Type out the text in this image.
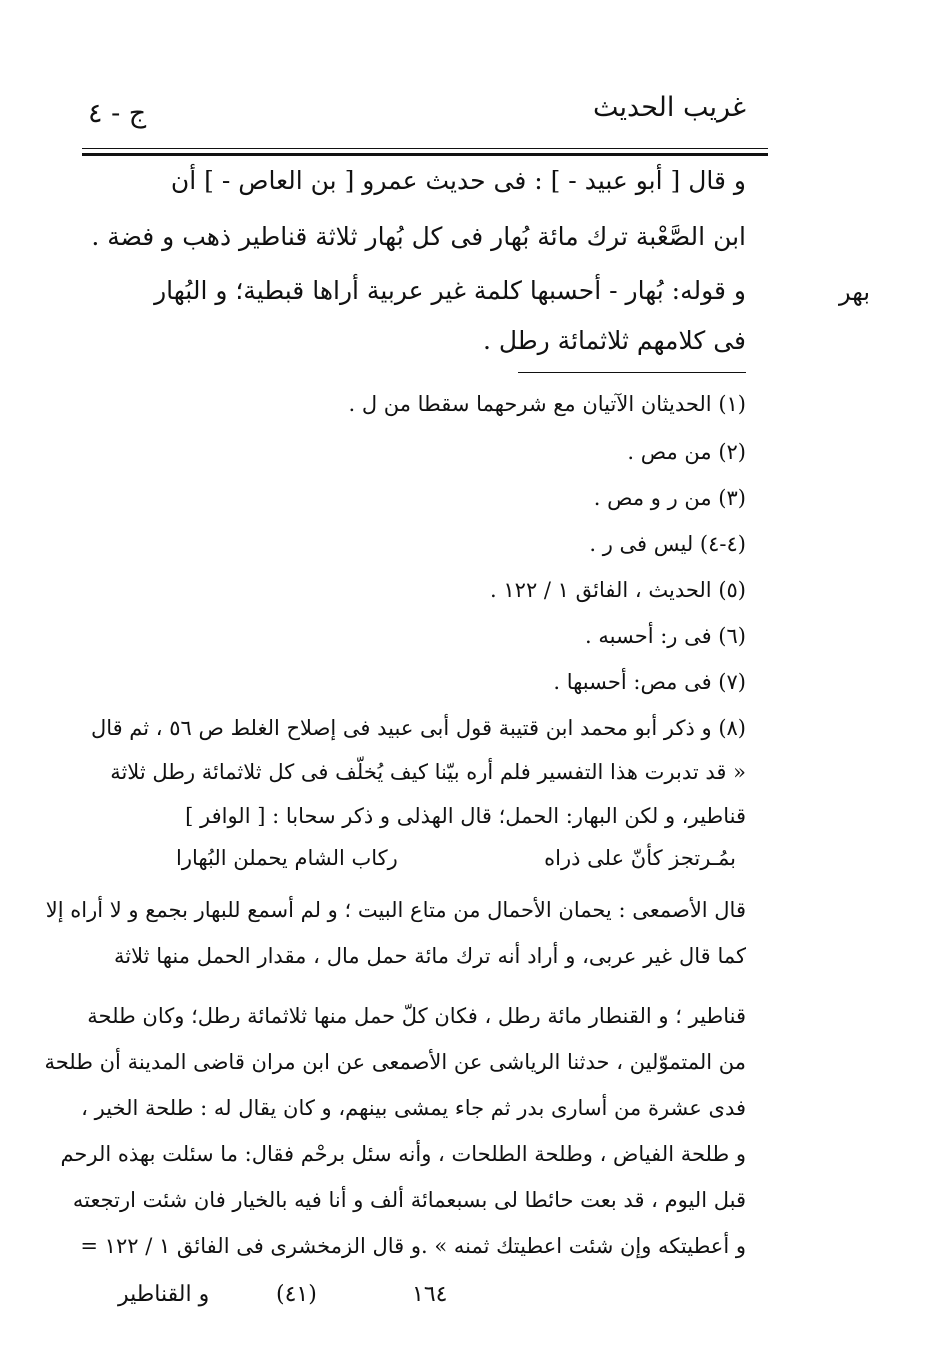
غريب الحديث
ج - ٤
بهر
و قال [ أبو عبيد - ] : فى حديث عمرو [ بن العاص - ] أن
ابن الصَّعْبة ترك مائة بُهار فى كل بُهار ثلاثة قناطير ذهب و فضة .
و قوله: بُهار - أحسبها كلمة غير عربية أراها قبطية؛ و البُهار
فى كلامهم ثلاثمائة رطل .
(١) الحديثان الآتيان مع شرحهما سقطا من ل .
(٢) من مص .
(٣) من ر و مص .
(٤-٤) ليس فى ر .
(٥) الحديث ، الفائق ١ / ١٢٢ .
(٦) فى ر: أحسبه .
(٧) فى مص: أحسبها .
(٨) و ذكر أبو محمد ابن قتيبة قول أبى عبيد فى إصلاح الغلط ص ٥٦ ، ثم قال
« قد تدبرت هذا التفسير فلم أره بيّنا كيف يُخلّف فى كل ثلاثمائة رطل ثلاثة
قناطير، و لكن البهار: الحمل؛ قال الهذلى و ذكر سحابا : [ الوافر ]
بمُـرتجز كأنّ على ذراه
ركاب الشام يحملن البُهارا
قال الأصمعى : يحمان الأحمال من متاع البيت ؛ و لم أسمع للبهار بجمع و لا أراه إلا
كما قال غير عربى، و أراد أنه ترك مائة حمل مال ، مقدار الحمل منها ثلاثة
قناطير ؛ و القنطار مائة رطل ، فكان كلّ حمل منها ثلاثمائة رطل؛ وكان طلحة
من المتموّلين ، حدثنا الرياشى عن الأصمعى عن ابن مران قاضى المدينة أن طلحة
فدى عشرة من أسارى بدر ثم جاء يمشى بينهم، و كان يقال له : طلحة الخير ،
و طلحة الفياض ، وطلحة الطلحات ، وأنه سئل برحْم فقال: ما سئلت بهذه الرحم
قبل اليوم ، قد بعت حائطا لى بسبعمائة ألف و أنا فيه بالخيار فان شئت ارتجعته
و أعطيتكه وإن شئت اعطيتك ثمنه » .و قال الزمخشرى فى الفائق ١ / ١٢٢ =
١٦٤
(٤١)
و القناطير
